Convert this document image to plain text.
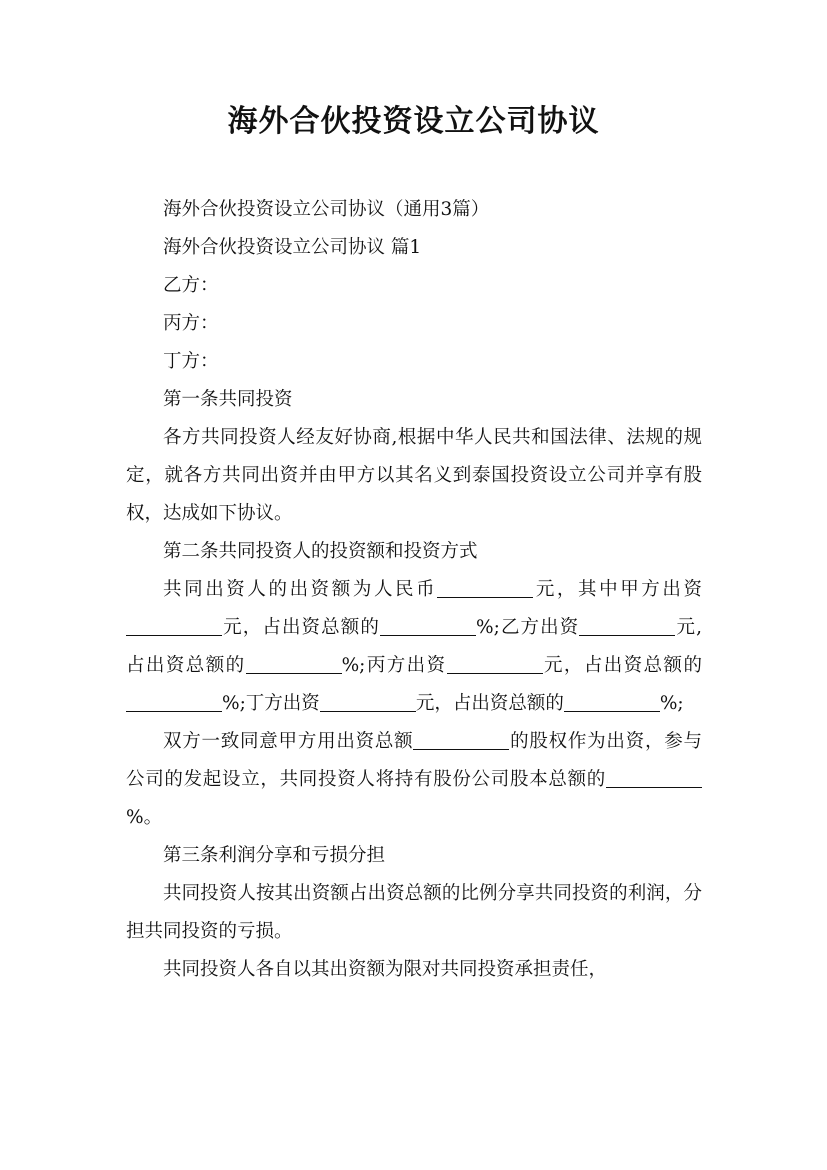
海外合伙投资设立公司协议

海外合伙投资设立公司协议（通用3篇）

海外合伙投资设立公司协议 篇1

乙方：

丙方：

丁方：

第一条共同投资

各方共同投资人经友好协商,根据中华人民共和国法律、法规的规定，就各方共同出资并由甲方以其名义到泰国投资设立公司并享有股权，达成如下协议。

第二条共同投资人的投资额和投资方式

共同出资人的出资额为人民币	元，其中甲方出资元，占出资总额的	%;乙方出资	元,占出资总额的	%;丙方出资	元，占出资总额的%;丁方出资	元，占出资总额的	%;

双方一致同意甲方用出资总额	的股权作为出资，参与公司的发起设立，共同投资人将持有股份公司股本总额的%。

第三条利润分享和亏损分担

共同投资人按其出资额占出资总额的比例分享共同投资的利润，分担共同投资的亏损。

共同投资人各自以其出资额为限对共同投资承担责任，
